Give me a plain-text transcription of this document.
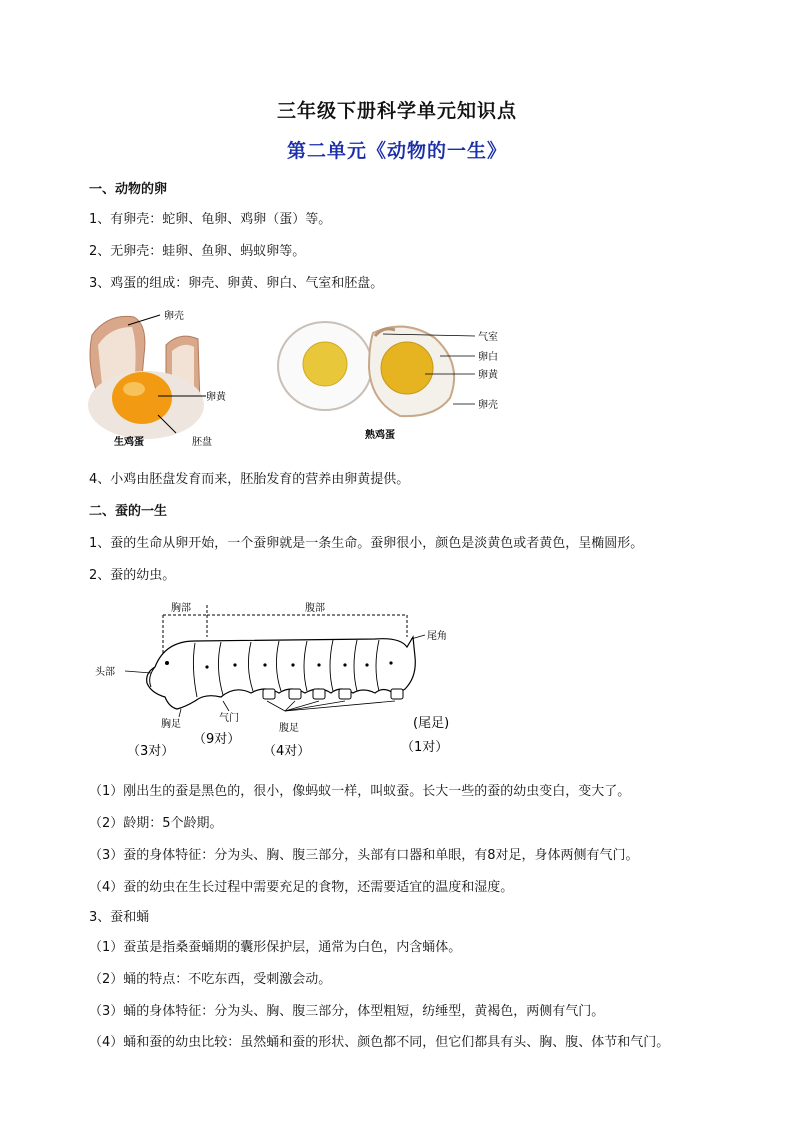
三年级下册科学单元知识点
第二单元《动物的一生》
一、动物的卵
1、有卵壳：蛇卵、龟卵、鸡卵（蛋）等。
2、无卵壳：蛙卵、鱼卵、蚂蚁卵等。
3、鸡蛋的组成：卵壳、卵黄、卵白、气室和胚盘。
卵壳
卵黄
生鸡蛋	胚盘
气室
卵白
卵黄
卵壳
熟鸡蛋
4、小鸡由胚盘发育而来，胚胎发育的营养由卵黄提供。
二、蚕的一生
1、蚕的生命从卵开始，一个蚕卵就是一条生命。蚕卵很小，颜色是淡黄色或者黄色，呈椭圆形。
2、蚕的幼虫。
胸部	腹部
尾角
头部
胸足
气门
腹足	(尾足)
（3对）
（9对）
（4对）	（1对）
（1）刚出生的蚕是黑色的，很小，像蚂蚁一样，叫蚁蚕。长大一些的蚕的幼虫变白，变大了。
（2）龄期：5个龄期。
（3）蚕的身体特征：分为头、胸、腹三部分，头部有口器和单眼，有8对足，身体两侧有气门。
（4）蚕的幼虫在生长过程中需要充足的食物，还需要适宜的温度和湿度。
3、蚕和蛹
（1）蚕茧是指桑蚕蛹期的囊形保护层，通常为白色，内含蛹体。
（2）蛹的特点：不吃东西，受刺激会动。
（3）蛹的身体特征：分为头、胸、腹三部分，体型粗短，纺缍型，黄褐色，两侧有气门。
（4）蛹和蚕的幼虫比较：虽然蛹和蚕的形状、颜色都不同，但它们都具有头、胸、腹、体节和气门。
